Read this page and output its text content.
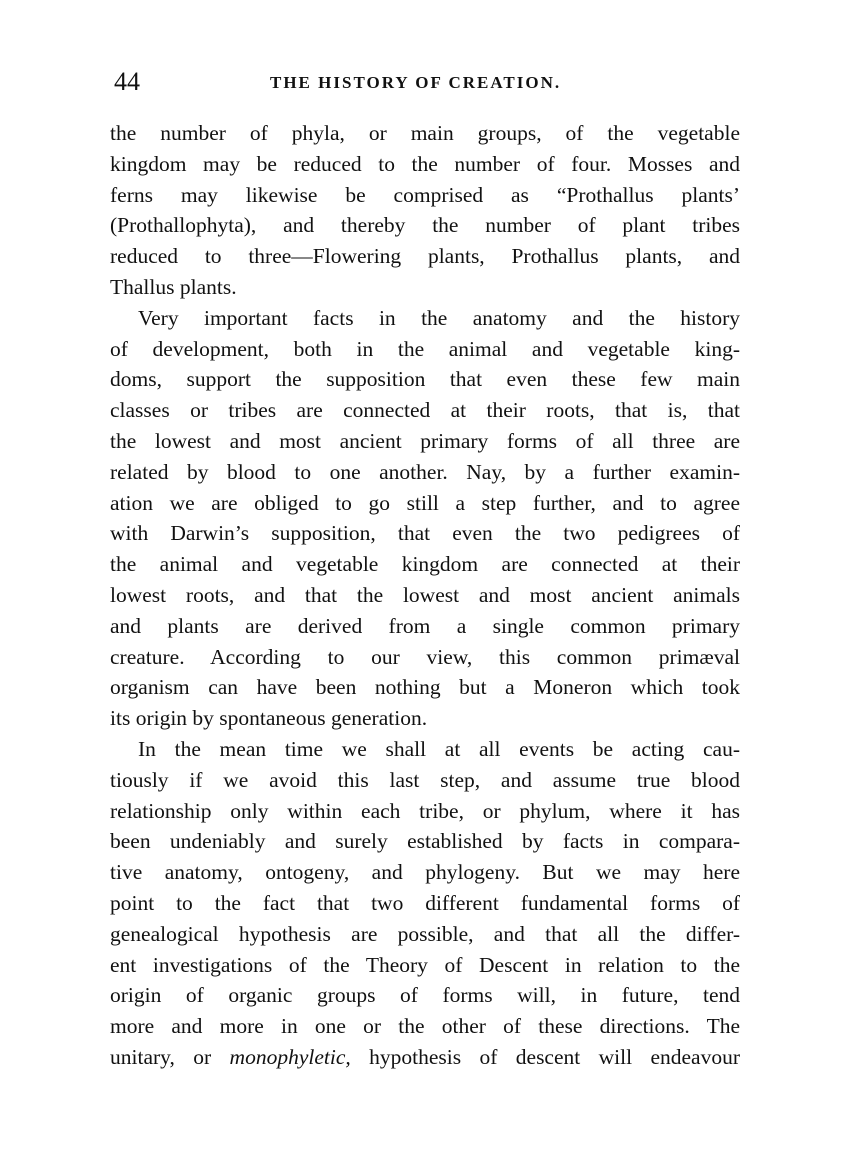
44	THE HISTORY OF CREATION.
the number of phyla, or main groups, of the vegetable
kingdom may be reduced to the number of four. Mosses and
ferns may likewise be comprised as “Prothallus plants’
(Prothallophyta), and thereby the number of plant tribes
reduced to three—Flowering plants, Prothallus plants, and
Thallus plants.
Very important facts in the anatomy and the history
of development, both in the animal and vegetable king-
doms, support the supposition that even these few main
classes or tribes are connected at their roots, that is, that
the lowest and most ancient primary forms of all three are
related by blood to one another. Nay, by a further examin-
ation we are obliged to go still a step further, and to agree
with Darwin’s supposition, that even the two pedigrees of
the animal and vegetable kingdom are connected at their
lowest roots, and that the lowest and most ancient animals
and plants are derived from a single common primary
creature. According to our view, this common primæval
organism can have been nothing but a Moneron which took
its origin by spontaneous generation.
In the mean time we shall at all events be acting cau-
tiously if we avoid this last step, and assume true blood
relationship only within each tribe, or phylum, where it has
been undeniably and surely established by facts in compara-
tive anatomy, ontogeny, and phylogeny. But we may here
point to the fact that two different fundamental forms of
genealogical hypothesis are possible, and that all the differ-
ent investigations of the Theory of Descent in relation to the
origin of organic groups of forms will, in future, tend
more and more in one or the other of these directions. The
unitary, or monophyletic, hypothesis of descent will endeavour
